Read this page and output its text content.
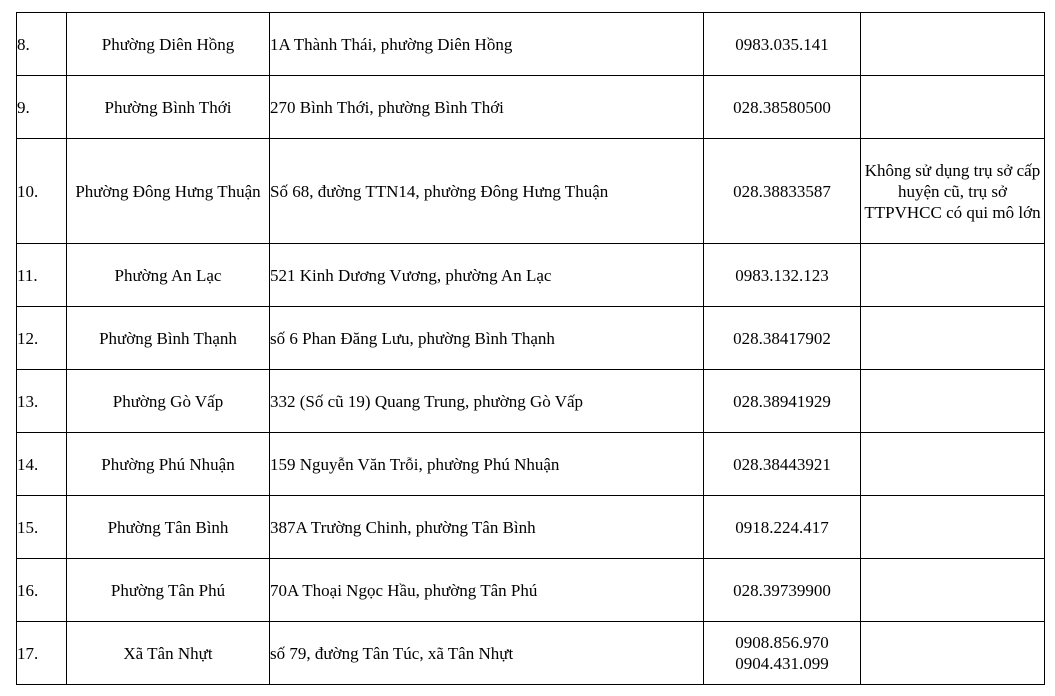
8.	Phường Diên Hồng	1A Thành Thái, phường Diên Hồng	0983.035.141	
9.	Phường Bình Thới	270 Bình Thới, phường Bình Thới	028.38580500	
10.	Phường Đông Hưng Thuận	Số 68, đường TTN14, phường Đông Hưng Thuận	028.38833587	Không sử dụng trụ sở cấp huyện cũ, trụ sở TTPVHCC có qui mô lớn
11.	Phường An Lạc	521 Kinh Dương Vương, phường An Lạc	0983.132.123	
12.	Phường Bình Thạnh	số 6 Phan Đăng Lưu, phường Bình Thạnh	028.38417902	
13.	Phường Gò Vấp	332 (Số cũ 19) Quang Trung, phường Gò Vấp	028.38941929	
14.	Phường Phú Nhuận	159 Nguyễn Văn Trỗi, phường Phú Nhuận	028.38443921	
15.	Phường Tân Bình	387A Trường Chinh, phường Tân Bình	0918.224.417	
16.	Phường Tân Phú	70A Thoại Ngọc Hầu, phường Tân Phú	028.39739900	
17.	Xã Tân Nhựt	số 79, đường Tân Túc, xã Tân Nhựt	0908.856.970
0904.431.099	
